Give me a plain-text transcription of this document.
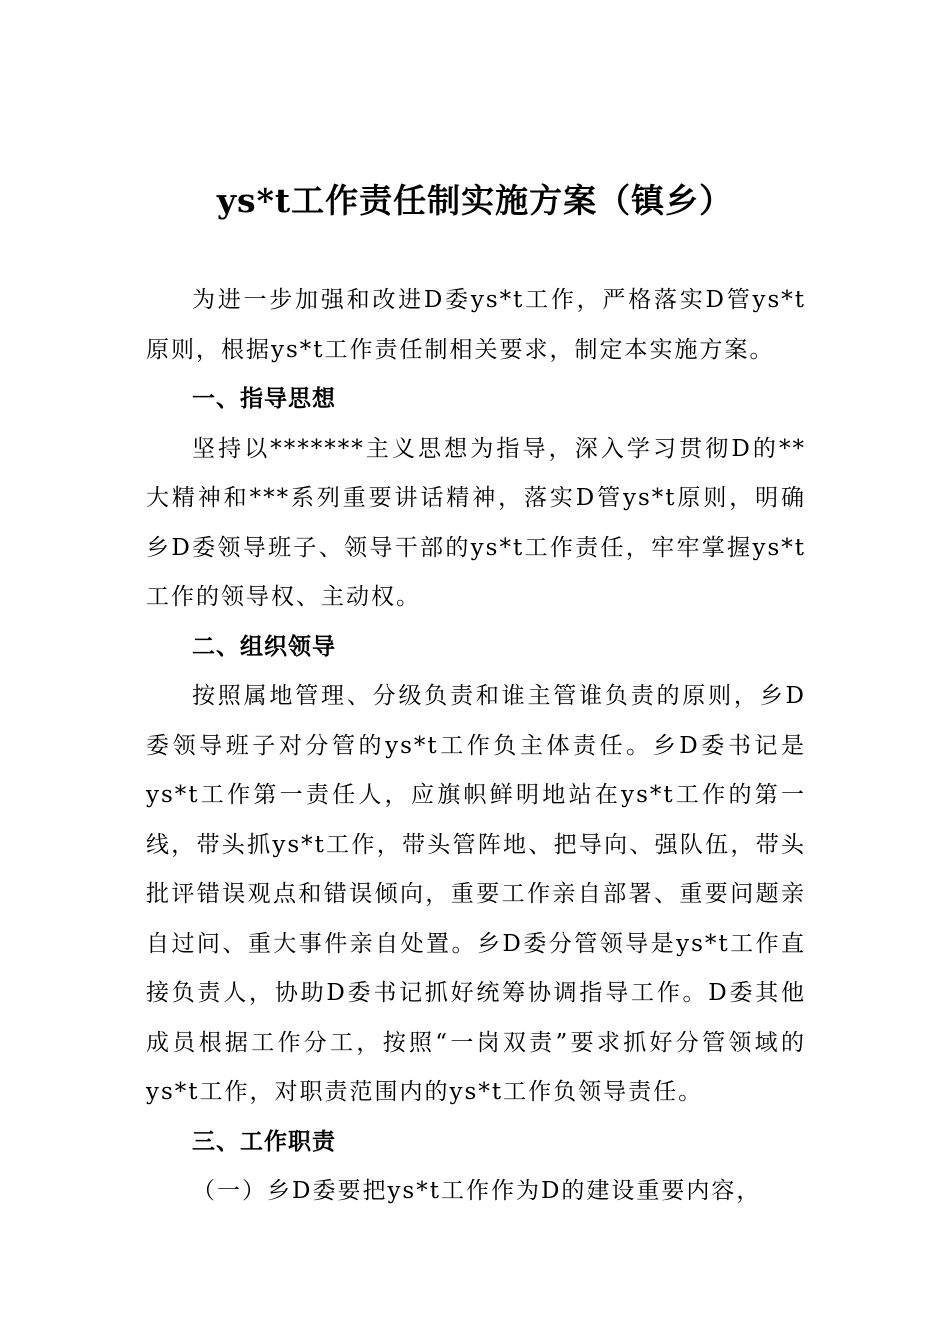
ys*t工作责任制实施方案（镇乡）

为进一步加强和改进D委ys*t工作，严格落实D管ys*t原则，根据ys*t工作责任制相关要求，制定本实施方案。

一、指导思想

坚持以*******主义思想为指导，深入学习贯彻D的**大精神和***系列重要讲话精神，落实D管ys*t原则，明确乡D委领导班子、领导干部的ys*t工作责任，牢牢掌握ys*t工作的领导权、主动权。

二、组织领导

按照属地管理、分级负责和谁主管谁负责的原则，乡D委领导班子对分管的ys*t工作负主体责任。乡D委书记是ys*t工作第一责任人，应旗帜鲜明地站在ys*t工作的第一线，带头抓ys*t工作，带头管阵地、把导向、强队伍，带头批评错误观点和错误倾向，重要工作亲自部署、重要问题亲自过问、重大事件亲自处置。乡D委分管领导是ys*t工作直接负责人，协助D委书记抓好统筹协调指导工作。D委其他成员根据工作分工，按照“一岗双责”要求抓好分管领域的ys*t工作，对职责范围内的ys*t工作负领导责任。

三、工作职责

（一）乡D委要把ys*t工作作为D的建设重要内容，
